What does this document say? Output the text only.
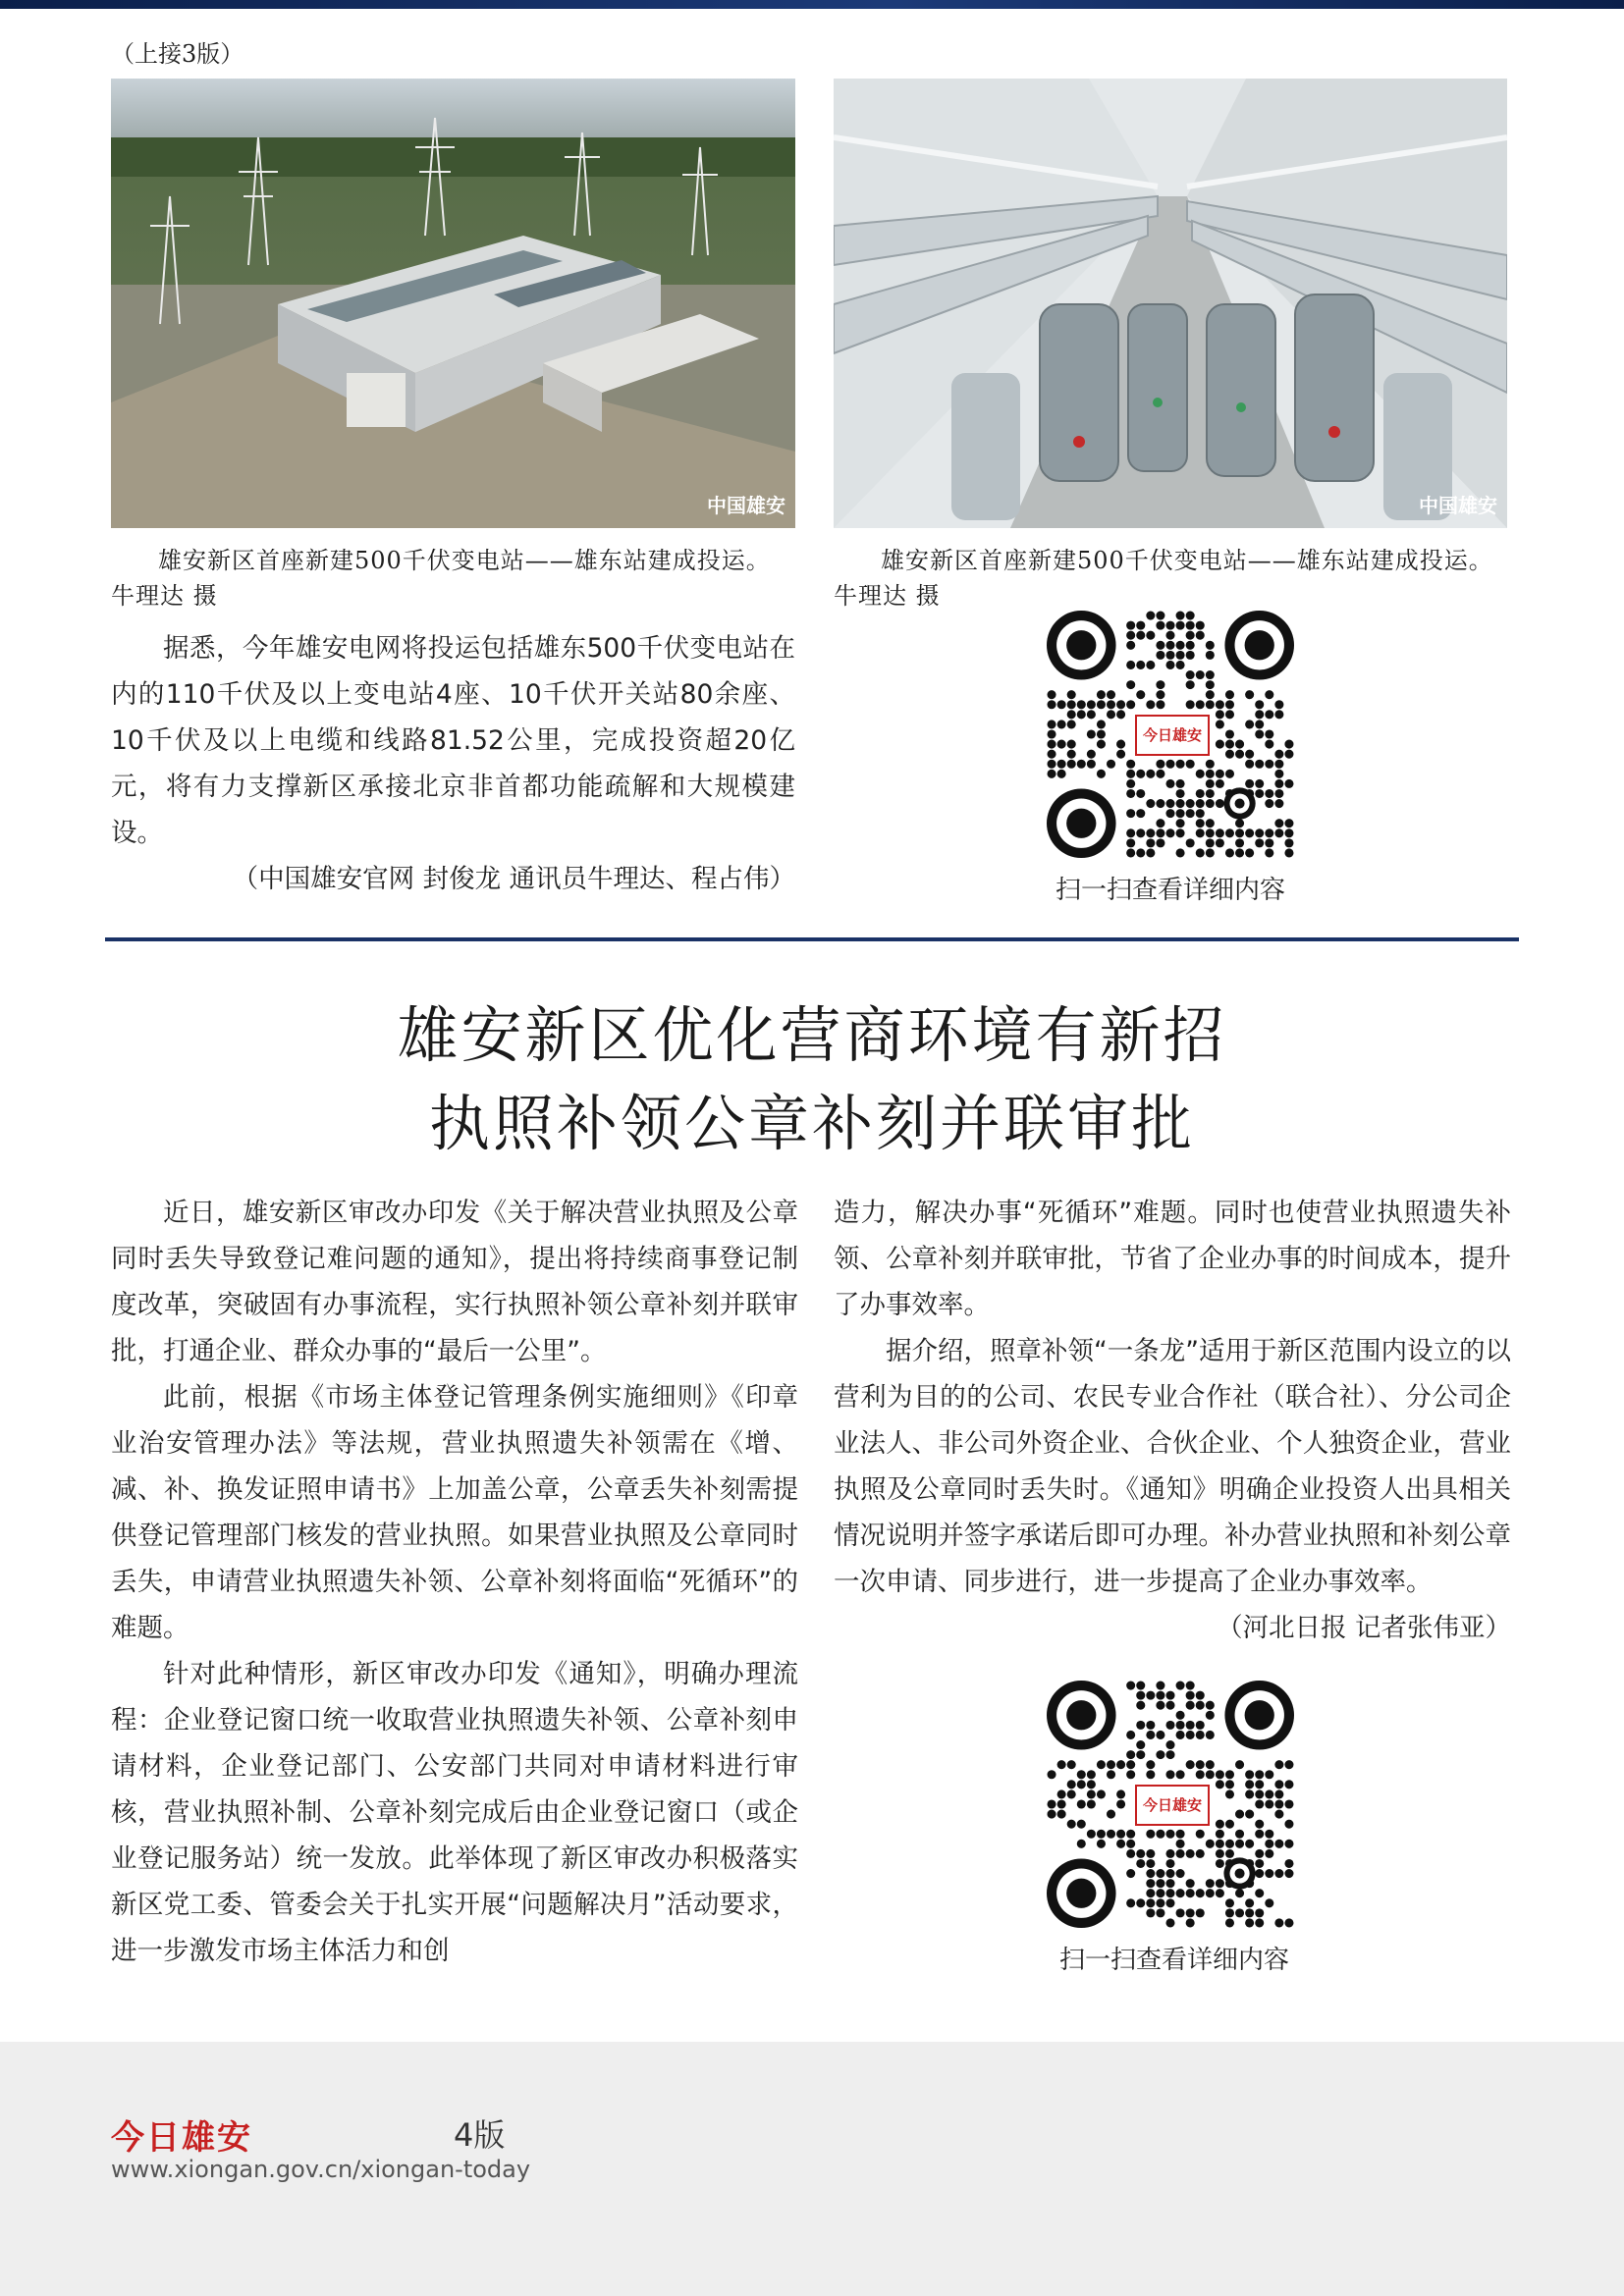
（上接3版）
中国雄安	中国雄安
雄安新区首座新建500千伏变电站——雄东站建成投运。牛理达 摄
雄安新区首座新建500千伏变电站——雄东站建成投运。牛理达 摄

据悉，今年雄安电网将投运包括雄东500千伏变电站在内的110千伏及以上变电站4座、10千伏开关站80余座、10千伏及以上电缆和线路81.52公里，完成投资超20亿元，将有力支撑新区承接北京非首都功能疏解和大规模建设。

（中国雄安官网 封俊龙 通讯员牛理达、程占伟）
今日雄安
扫一扫查看详细内容
雄安新区优化营商环境有新招
执照补领公章补刻并联审批

近日，雄安新区审改办印发《关于解决营业执照及公章同时丢失导致登记难问题的通知》，提出将持续商事登记制度改革，突破固有办事流程，实行执照补领公章补刻并联审批，打通企业、群众办事的“最后一公里”。

此前，根据《市场主体登记管理条例实施细则》《印章业治安管理办法》等法规，营业执照遗失补领需在《增、减、补、换发证照申请书》上加盖公章，公章丢失补刻需提供登记管理部门核发的营业执照。如果营业执照及公章同时丢失，申请营业执照遗失补领、公章补刻将面临“死循环”的难题。

针对此种情形，新区审改办印发《通知》，明确办理流程：企业登记窗口统一收取营业执照遗失补领、公章补刻申请材料，企业登记部门、公安部门共同对申请材料进行审核，营业执照补制、公章补刻完成后由企业登记窗口（或企业登记服务站）统一发放。此举体现了新区审改办积极落实新区党工委、管委会关于扎实开展“问题解决月”活动要求，进一步激发市场主体活力和创

造力，解决办事“死循环”难题。同时也使营业执照遗失补领、公章补刻并联审批，节省了企业办事的时间成本，提升了办事效率。

据介绍，照章补领“一条龙”适用于新区范围内设立的以营利为目的的公司、农民专业合作社（联合社）、分公司企业法人、非公司外资企业、合伙企业、个人独资企业，营业执照及公章同时丢失时。《通知》明确企业投资人出具相关情况说明并签字承诺后即可办理。补办营业执照和补刻公章一次申请、同步进行，进一步提高了企业办事效率。

（河北日报 记者张伟亚）
今日雄安
扫一扫查看详细内容
今日雄安	4版
www.xiongan.gov.cn/xiongan-today
